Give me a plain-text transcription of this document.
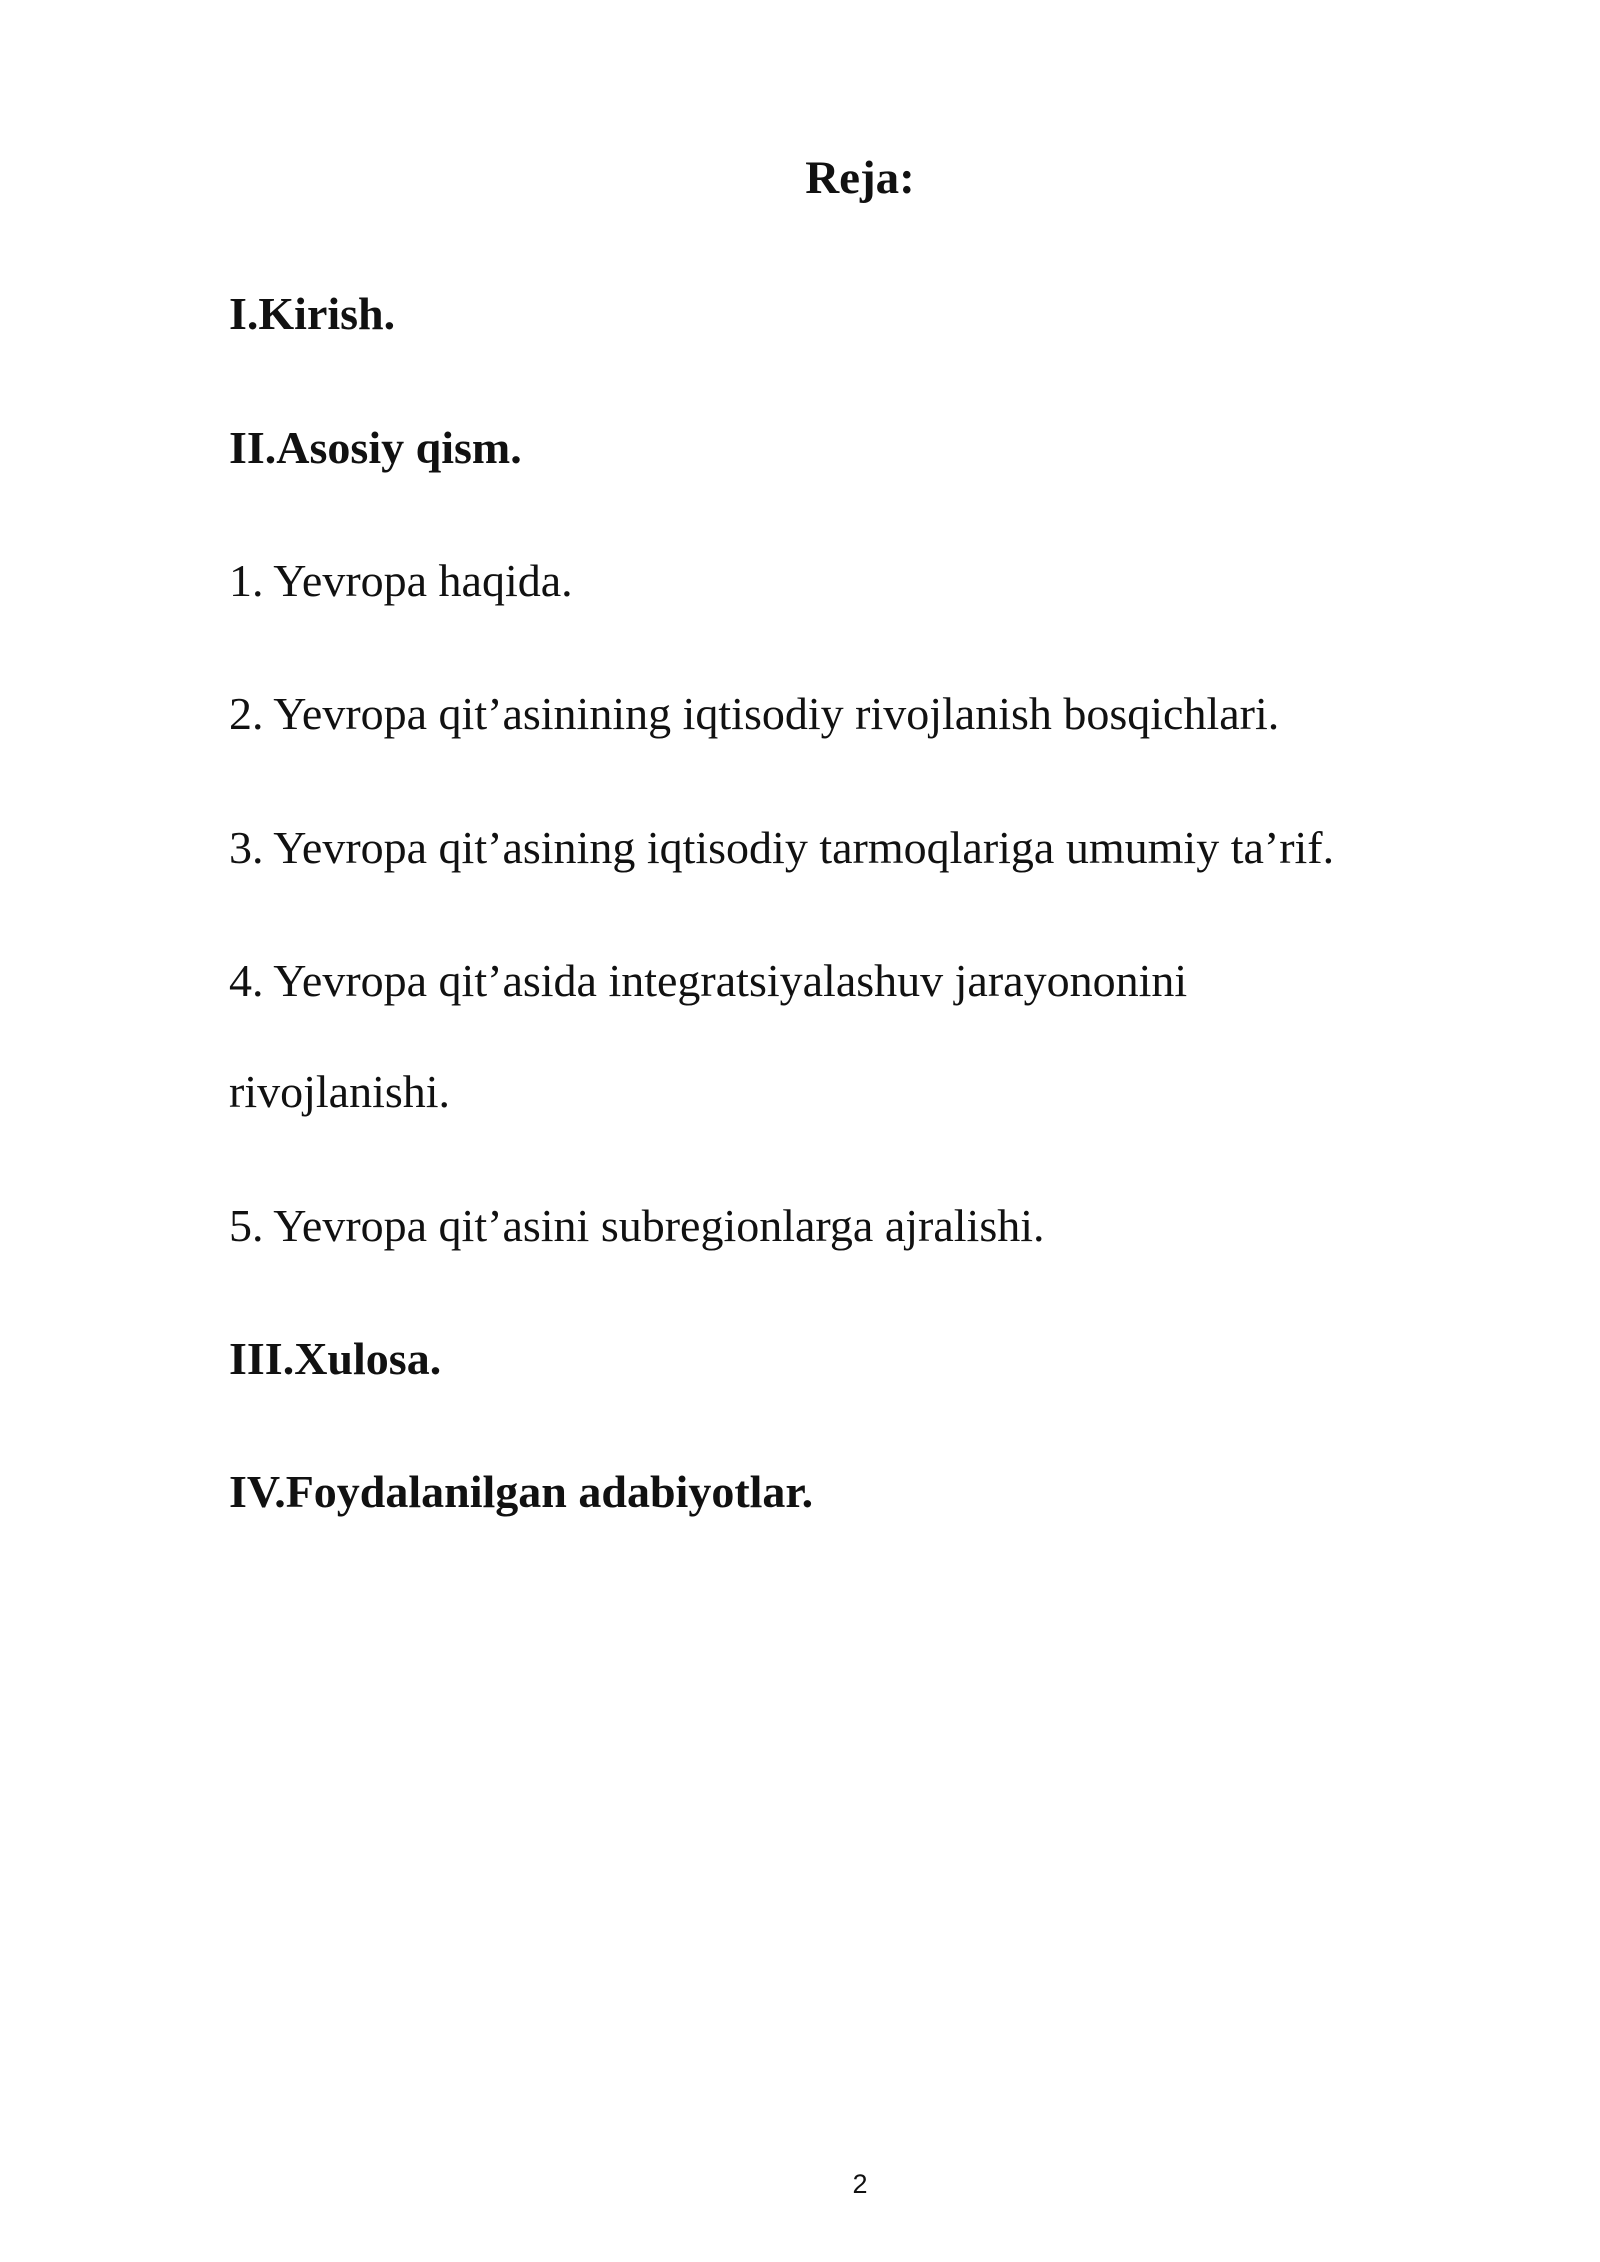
Reja:

I.Kirish.

II.Asosiy qism.

1. Yevropa haqida.

2. Yevropa qit’asinining iqtisodiy rivojlanish bosqichlari.

3. Yevropa qit’asining iqtisodiy tarmoqlariga umumiy ta’rif.

4. Yevropa qit’asida integratsiyalashuv jarayononini

rivojlanishi.

5. Yevropa qit’asini subregionlarga ajralishi.

III.Xulosa.

IV.Foydalanilgan adabiyotlar.

2
